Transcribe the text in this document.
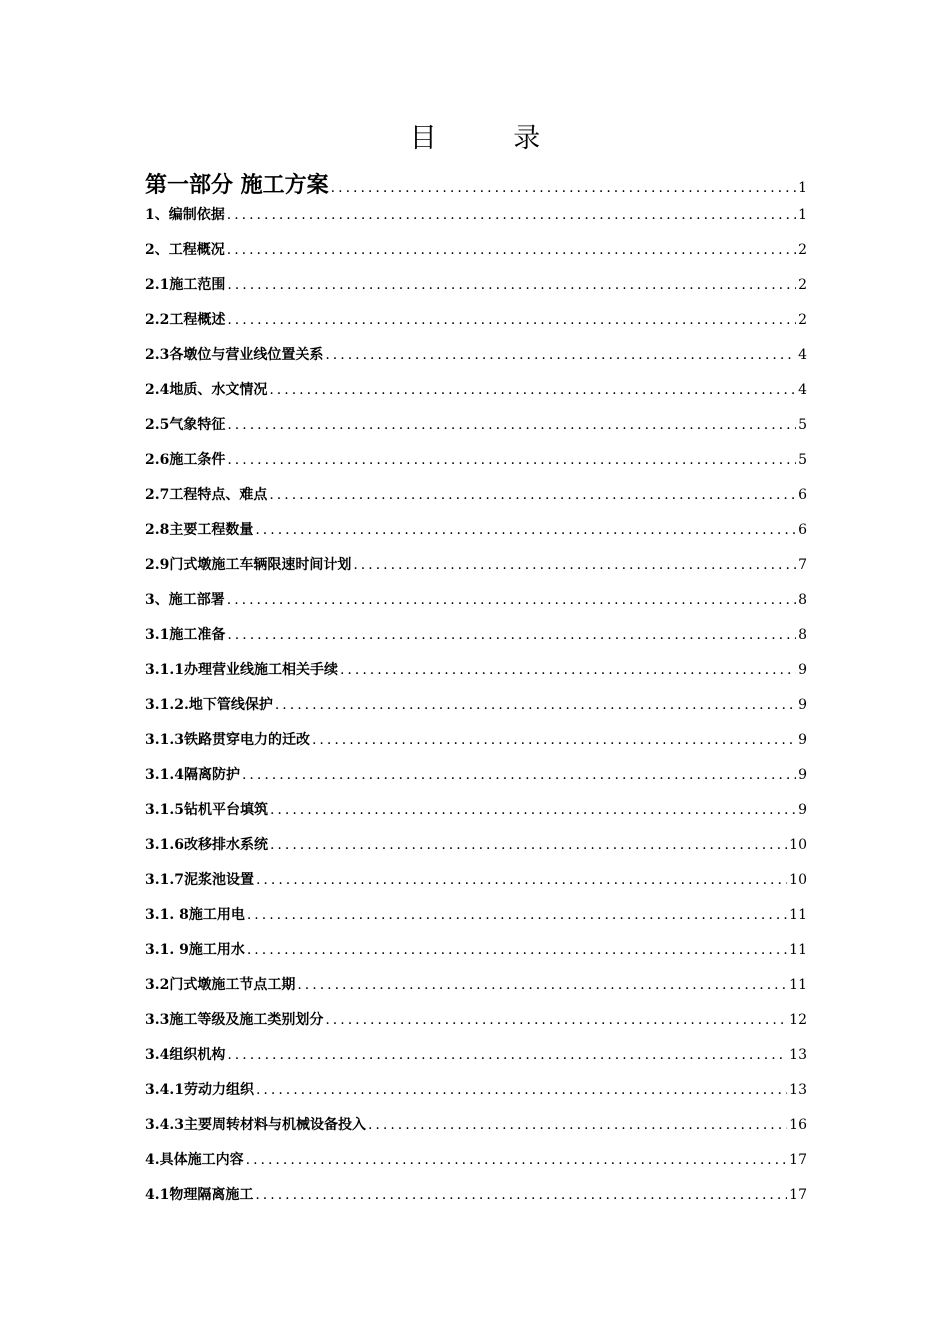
目 录
第一部分 施工方案 .....	1
1、编制依据 .....	1
2、工程概况 .....	2
2.1施工范围 .....	2
2.2工程概述 .....	2
2.3各墩位与营业线位置关系 .....	4
2.4地质、水文情况 .....	4
2.5气象特征 .....	5
2.6施工条件 .....	5
2.7工程特点、难点 .....	6
2.8主要工程数量 .....	6
2.9门式墩施工车辆限速时间计划 .....	7
3、施工部署 .....	8
3.1施工准备 .....	8
3.1.1办理营业线施工相关手续 .....	9
3.1.2.地下管线保护 .....	9
3.1.3铁路贯穿电力的迁改 .....	9
3.1.4隔离防护 .....	9
3.1.5钻机平台填筑 .....	9
3.1.6改移排水系统 .....	10
3.1.7泥浆池设置 .....	10
3.1. 8施工用电 .....	11
3.1. 9施工用水 .....	11
3.2门式墩施工节点工期 .....	11
3.3施工等级及施工类别划分 .....	12
3.4组织机构 .....	13
3.4.1劳动力组织 .....	13
3.4.3主要周转材料与机械设备投入 .....	16
4.具体施工内容 .....	17
4.1物理隔离施工 .....	17
